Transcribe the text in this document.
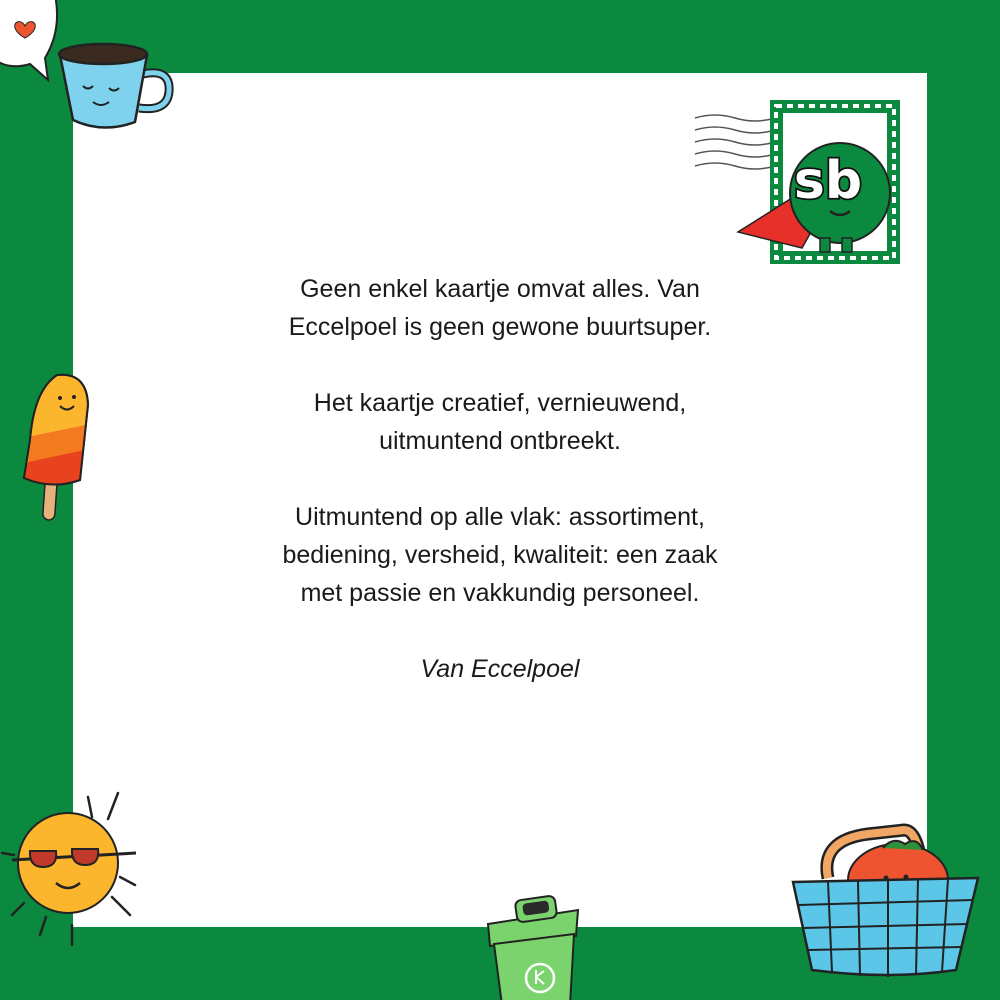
sb

Geen enkel kaartje omvat alles. Van
Eccelpoel is geen gewone buurtsuper.

Het kaartje creatief, vernieuwend,
uitmuntend ontbreekt.

Uitmuntend op alle vlak: assortiment,
bediening, versheid, kwaliteit: een zaak
met passie en vakkundig personeel.

Van Eccelpoel
